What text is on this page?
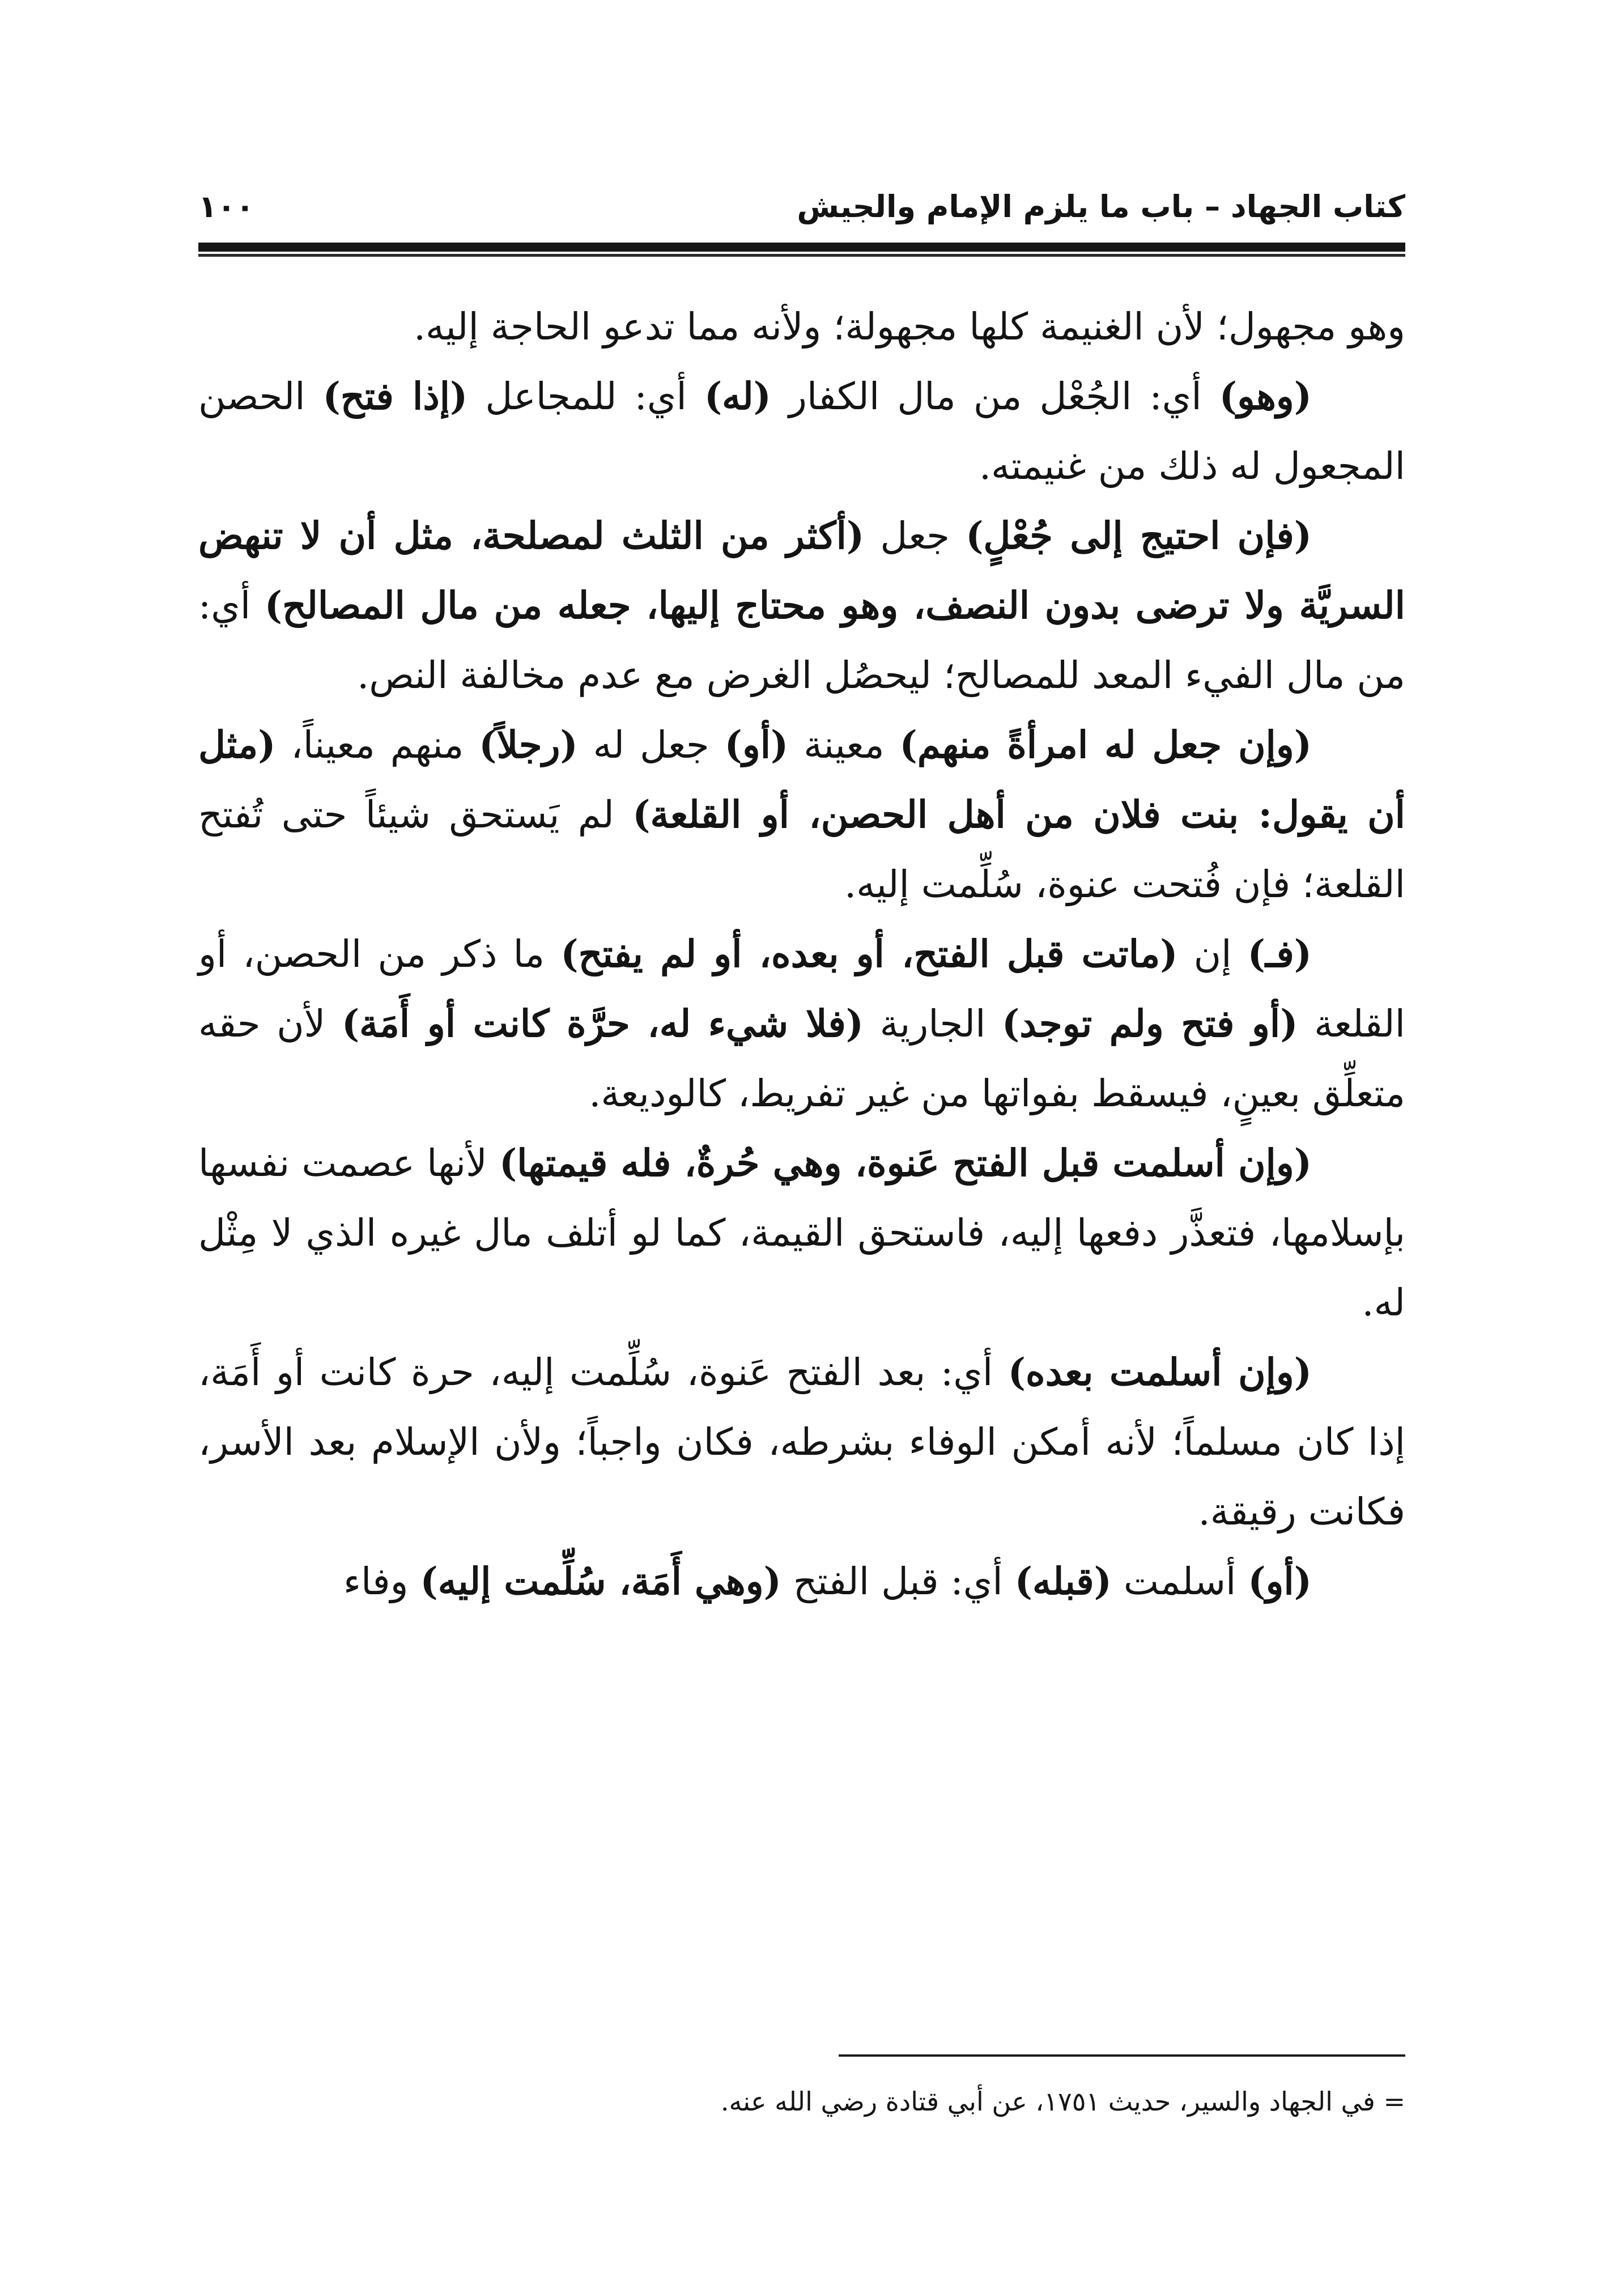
كتاب الجهاد – باب ما يلزم الإمام والجيش
١٠٠

وهو مجهول؛ لأن الغنيمة كلها مجهولة؛ ولأنه مما تدعو الحاجة إليه.

(وهو) أي: الجُعْل من مال الكفار (له) أي: للمجاعل (إذا فتح) الحصن المجعول له ذلك من غنيمته.

(فإن احتيج إلى جُعْلٍ) جعل (أكثر من الثلث لمصلحة، مثل أن لا تنهض السريَّة ولا ترضى بدون النصف، وهو محتاج إليها، جعله من مال المصالح) أي: من مال الفيء المعد للمصالح؛ ليحصُل الغرض مع عدم مخالفة النص.

(وإن جعل له امرأةً منهم) معينة (أو) جعل له (رجلاً) منهم معيناً، (مثل أن يقول: بنت فلان من أهل الحصن، أو القلعة) لم يَستحق شيئاً حتى تُفتح القلعة؛ فإن فُتحت عنوة، سُلِّمت إليه.

(فـ) إن (ماتت قبل الفتح، أو بعده، أو لم يفتح) ما ذكر من الحصن، أو القلعة (أو فتح ولم توجد) الجارية (فلا شيء له، حرَّة كانت أو أَمَة) لأن حقه متعلِّق بعينٍ، فيسقط بفواتها من غير تفريط، كالوديعة.

(وإن أسلمت قبل الفتح عَنوة، وهي حُرةٌ، فله قيمتها) لأنها عصمت نفسها بإسلامها، فتعذَّر دفعها إليه، فاستحق القيمة، كما لو أتلف مال غيره الذي لا مِثْل له.

(وإن أسلمت بعده) أي: بعد الفتح عَنوة، سُلِّمت إليه، حرة كانت أو أَمَة، إذا كان مسلماً؛ لأنه أمكن الوفاء بشرطه، فكان واجباً؛ ولأن الإسلام بعد الأسر، فكانت رقيقة.

(أو) أسلمت (قبله) أي: قبل الفتح (وهي أَمَة، سُلِّمت إليه) وفاء

= في الجهاد والسير، حديث ١٧٥١، عن أبي قتادة رضي الله عنه.
